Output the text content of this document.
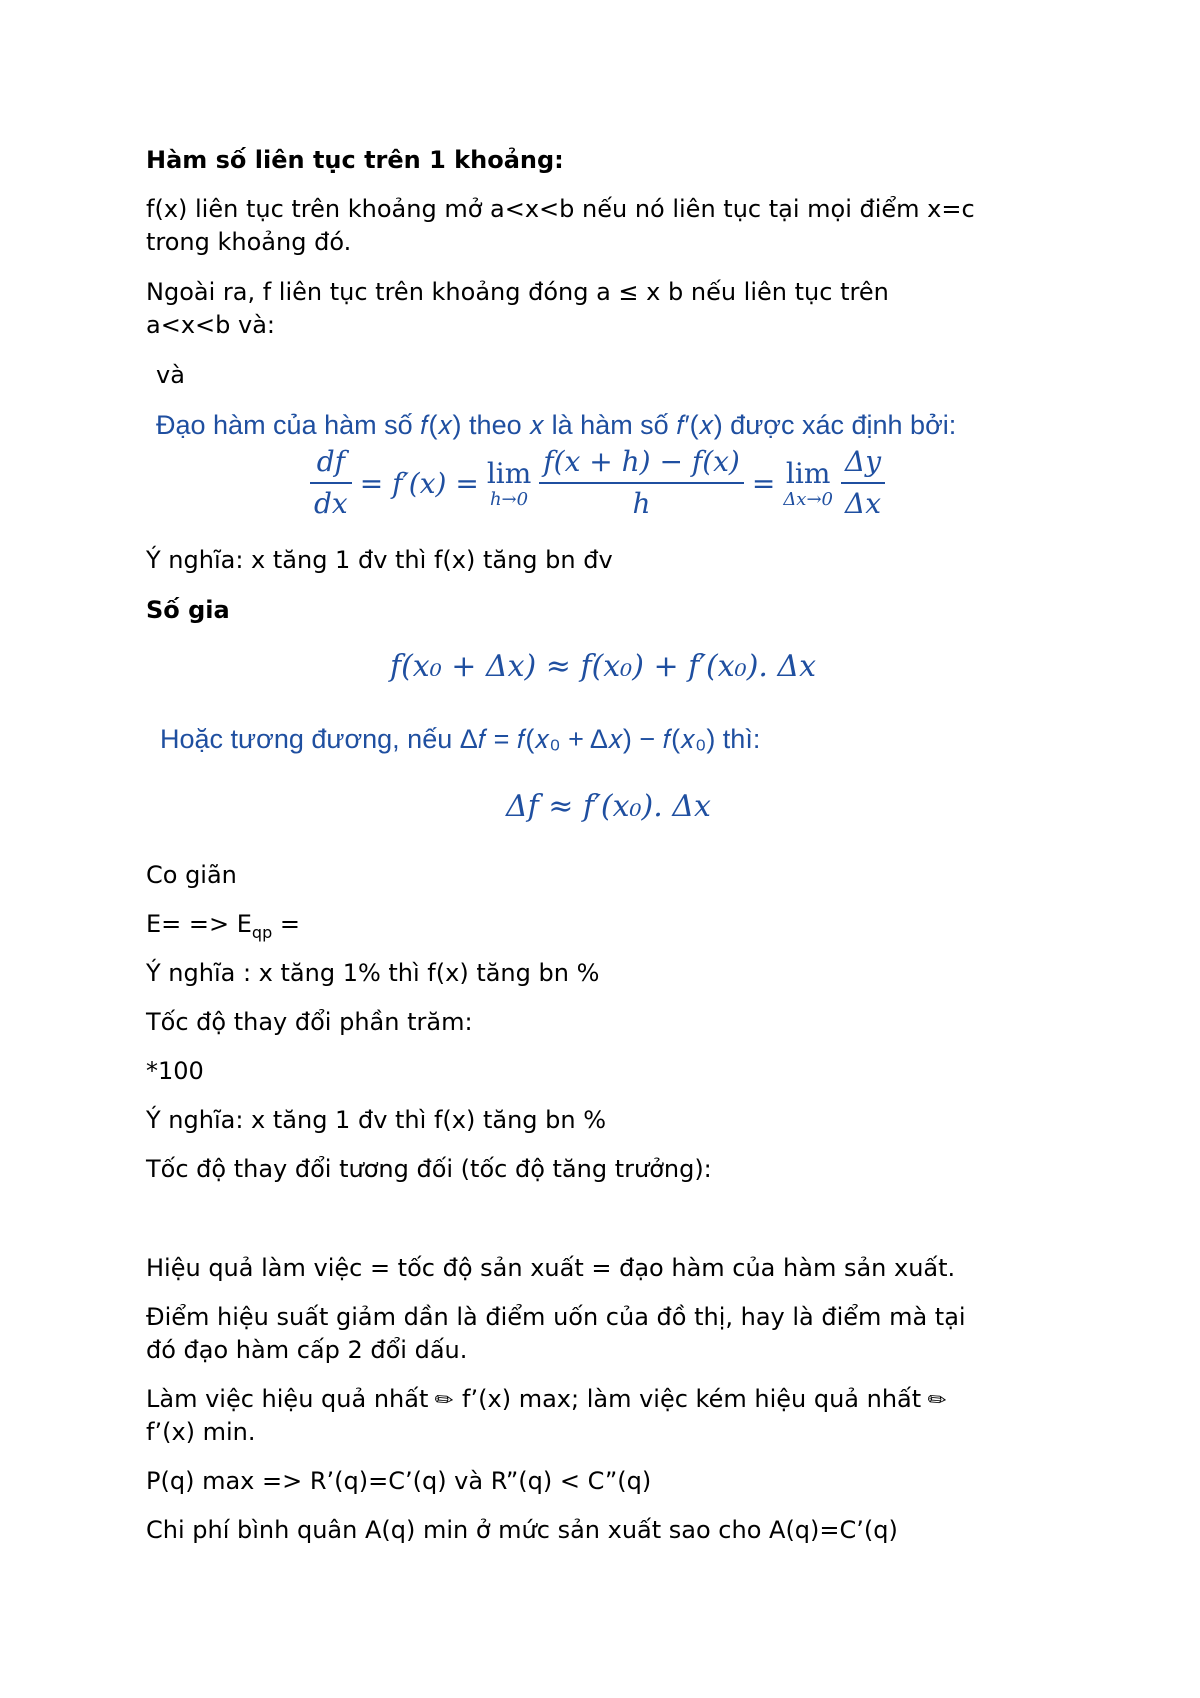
Hàm số liên tục trên 1 khoảng:
f(x) liên tục trên khoảng mở a<x<b nếu nó liên tục tại mọi điểm x=c
trong khoảng đó.
Ngoài ra, f liên tục trên khoảng đóng a ≤ x b nếu liên tục trên
a<x<b và:
và
Đạo hàm của hàm số 𝑓(𝑥) theo 𝑥 là hàm số 𝑓′(𝑥) được xác định bởi:
$\frac{\text{𝑑𝑓}}{\text{𝑑𝑥}}$ = 𝑓′(𝑥) = lim
ℎ→0 $\frac{\text{𝑓(𝑥 + ℎ) − 𝑓(𝑥)}}{\text{ℎ}} = \lim$
Δ𝑥→0 $\frac{\text{Δ𝑦}}{\text{Δ𝑥}}$
Ý nghĩa: x tăng 1 đv thì f(x) tăng bn đv
Số gia
𝑓(𝑥₀ + Δ𝑥) ≈ 𝑓(𝑥₀) + 𝑓′(𝑥₀). Δ𝑥
Hoặc tương đương, nếu Δ𝑓 = 𝑓(𝑥₀ + Δ𝑥) − 𝑓(𝑥₀) thì:
Δ𝑓 ≈ 𝑓′(𝑥₀). Δ𝑥
Co giãn
$E= => E_{qp}$ =
Ý nghĩa : x tăng 1% thì f(x) tăng bn %
Tốc độ thay đổi phần trăm:
*100
Ý nghĩa: x tăng 1 đv thì f(x) tăng bn %
Tốc độ thay đổi tương đối (tốc độ tăng trưởng):
Hiệu quả làm việc = tốc độ sản xuất = đạo hàm của hàm sản xuất.
Điểm hiệu suất giảm dần là điểm uốn của đồ thị, hay là điểm mà tại
đó đạo hàm cấp 2 đổi dấu.
Làm việc hiệu quả nhất ✎ f’(x) max; làm việc kém hiệu quả nhất ✎
f’(x) min.
P(q) max => R’(q)=C’(q) và R”(q) < C”(q)
Chi phí bình quân A(q) min ở mức sản xuất sao cho A(q)=C’(q)
